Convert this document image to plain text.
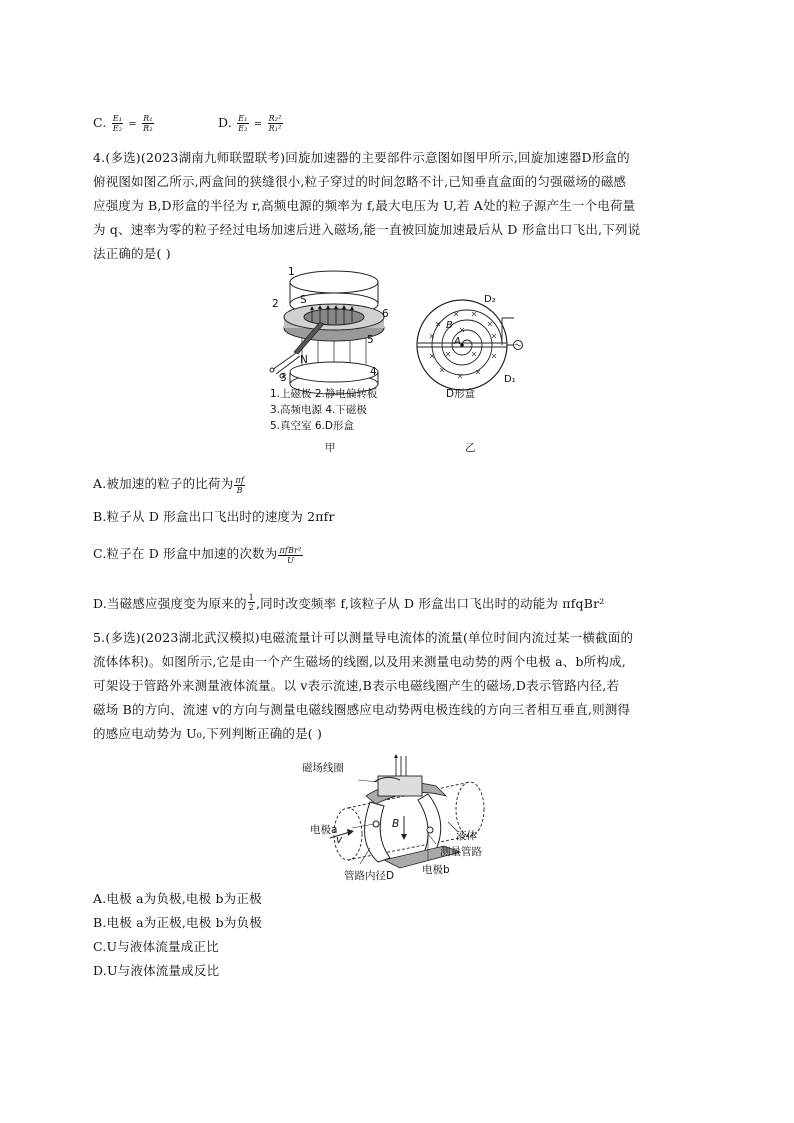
C. $\frac{\text{E₁}}{\text{E₂}} = \frac{\text{R₁}}{\text{R₂}}$	D. $\frac{\text{E₁}}{\text{E₂}} = \frac{\text{R₂²}}{\text{R₁²}}$
4.(多选)(2023湖南九师联盟联考)回旋加速器的主要部件示意图如图甲所示,回旋加速器D形盒的
俯视图如图乙所示,两盒间的狭缝很小,粒子穿过的时间忽略不计,已知垂直盒面的匀强磁场的磁感
应强度为 B,D形盒的半径为 r,高频电源的频率为 f,最大电压为 U,若 A处的粒子源产生一个电荷量
为 q、速率为零的粒子经过电场加速后进入磁场,能一直被回旋加速最后从 D 形盒出口飞出,下列说
法正确的是( )
1
2 S
5
6
3
N
4
1.上磁极 2.静电偏转板
3.高频电源 4.下磁极
5.真空室 6.D形盒
甲
D₂
B
A
D₁
D形盒
乙
A.被加速的粒子的比荷为 $\frac{\pi f}{B}$
B.粒子从 D 形盒出口飞出时的速度为 2πfr
C.粒子在 D 形盒中加速的次数为 $\frac{\text{πfBr²}}{U}$
D.当磁感应强度变为原来的 $\frac{1}{2}$ ,同时改变频率 f,该粒子从 D 形盒出口飞出时的动能为 πfqBr²
5.(多选)(2023湖北武汉模拟)电磁流量计可以测量导电流体的流量(单位时间内流过某一横截面的
流体体积)。如图所示,它是由一个产生磁场的线圈,以及用来测量电动势的两个电极 a、b所构成,
可架设于管路外来测量液体流量。以 v表示流速,B表示电磁线圈产生的磁场,D表示管路内径,若
磁场 B的方向、流速 v的方向与测量电磁线圈感应电动势两电极连线的方向三者相互垂直,则测得
的感应电动势为 U₀,下列判断正确的是( )
磁场线圈
电极a	B
v	液体
测量管路
电极b
管路内径D
A.电极 a为负极,电极 b为正极
B.电极 a为正极,电极 b为负极
C.U与液体流量成正比
D.U与液体流量成反比
